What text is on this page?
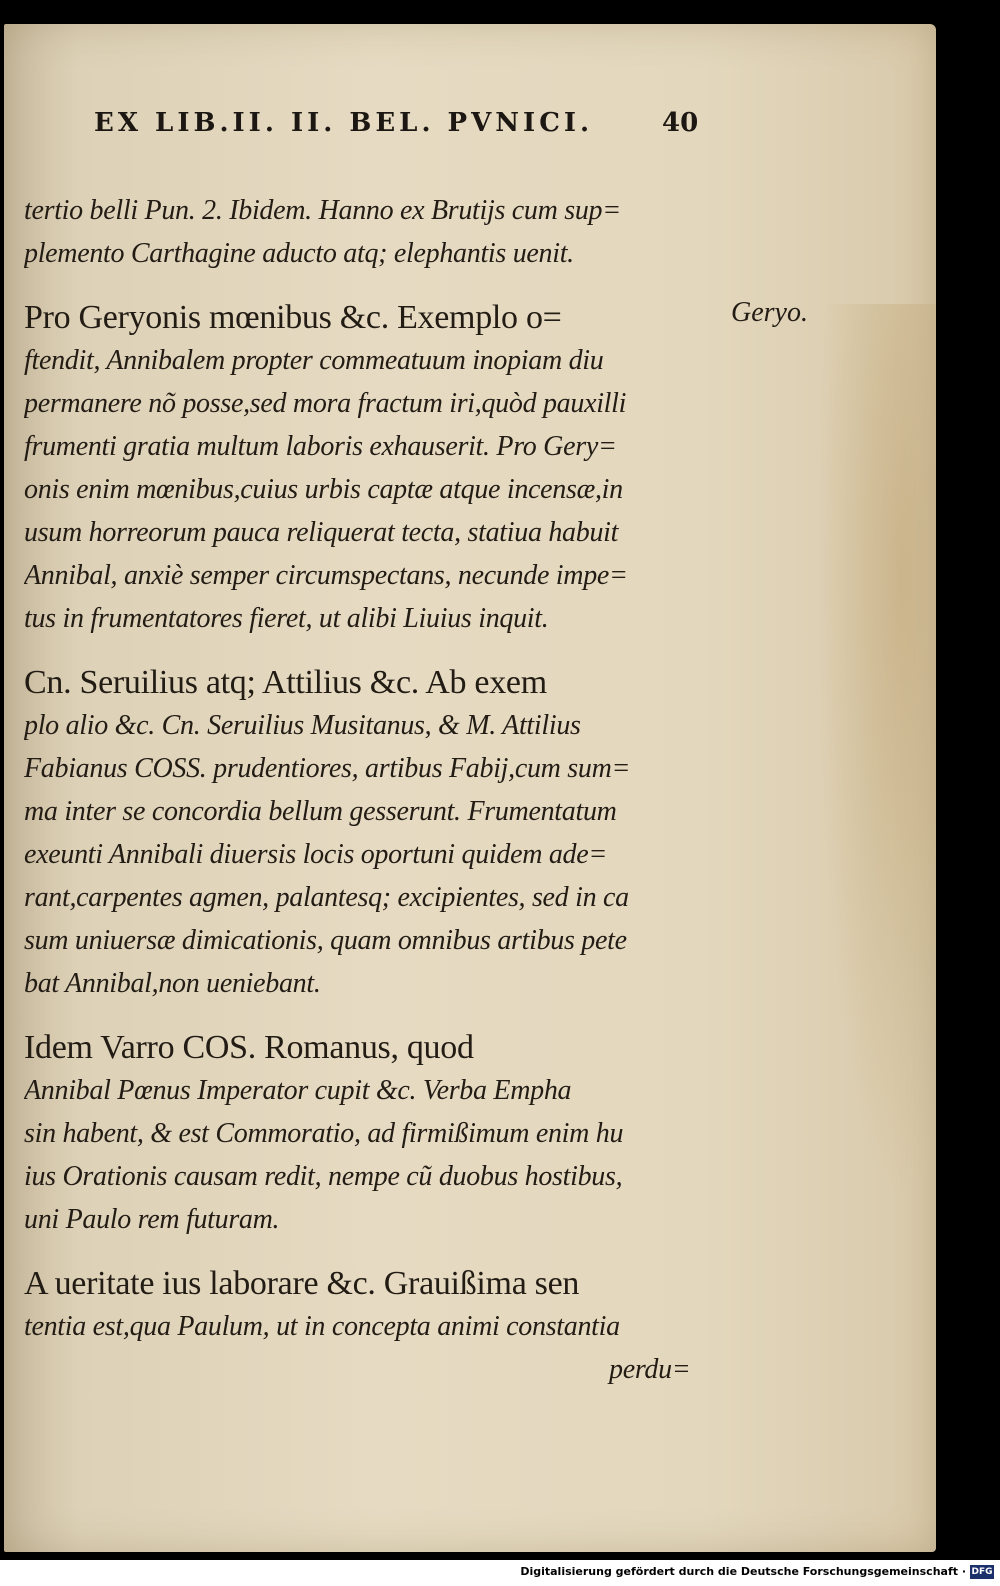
EX LIB.II. II. BEL. PVNICI.	40
Geryo.
tertio belli Pun. 2. Ibidem. Hanno ex Brutijs cum sup=
plemento Carthagine aducto atq; elephantis uenit.
Pro Geryonis mœnibus &c. Exemplo o=
ftendit, Annibalem propter commeatuum inopiam diu
permanere nõ posse,sed mora fractum iri,quòd pauxilli
frumenti gratia multum laboris exhauserit. Pro Gery=
onis enim mœnibus,cuius urbis captæ atque incensæ,in
usum horreorum pauca reliquerat tecta, statiua habuit
Annibal, anxiè semper circumspectans, necunde impe=
tus in frumentatores fieret, ut alibi Liuius inquit.
Cn. Seruilius atq; Attilius &c. Ab exem
plo alio &c. Cn. Seruilius Musitanus, & M. Attilius
Fabianus COSS. prudentiores, artibus Fabij,cum sum=
ma inter se concordia bellum gesserunt. Frumentatum
exeunti Annibali diuersis locis oportuni quidem ade=
rant,carpentes agmen, palantesq; excipientes, sed in ca
sum uniuersæ dimicationis, quam omnibus artibus pete
bat Annibal,non ueniebant.
Idem Varro COS. Romanus, quod
Annibal Pœnus Imperator cupit &c. Verba Empha
sin habent, & est Commoratio, ad firmißimum enim hu
ius Orationis causam redit, nempe cũ duobus hostibus,
uni Paulo rem futuram.
A ueritate ius laborare &c. Grauißima sen
tentia est,qua Paulum, ut in concepta animi constantia
perdu=
Digitalisierung gefördert durch die Deutsche Forschungsgemeinschaft · DFG
